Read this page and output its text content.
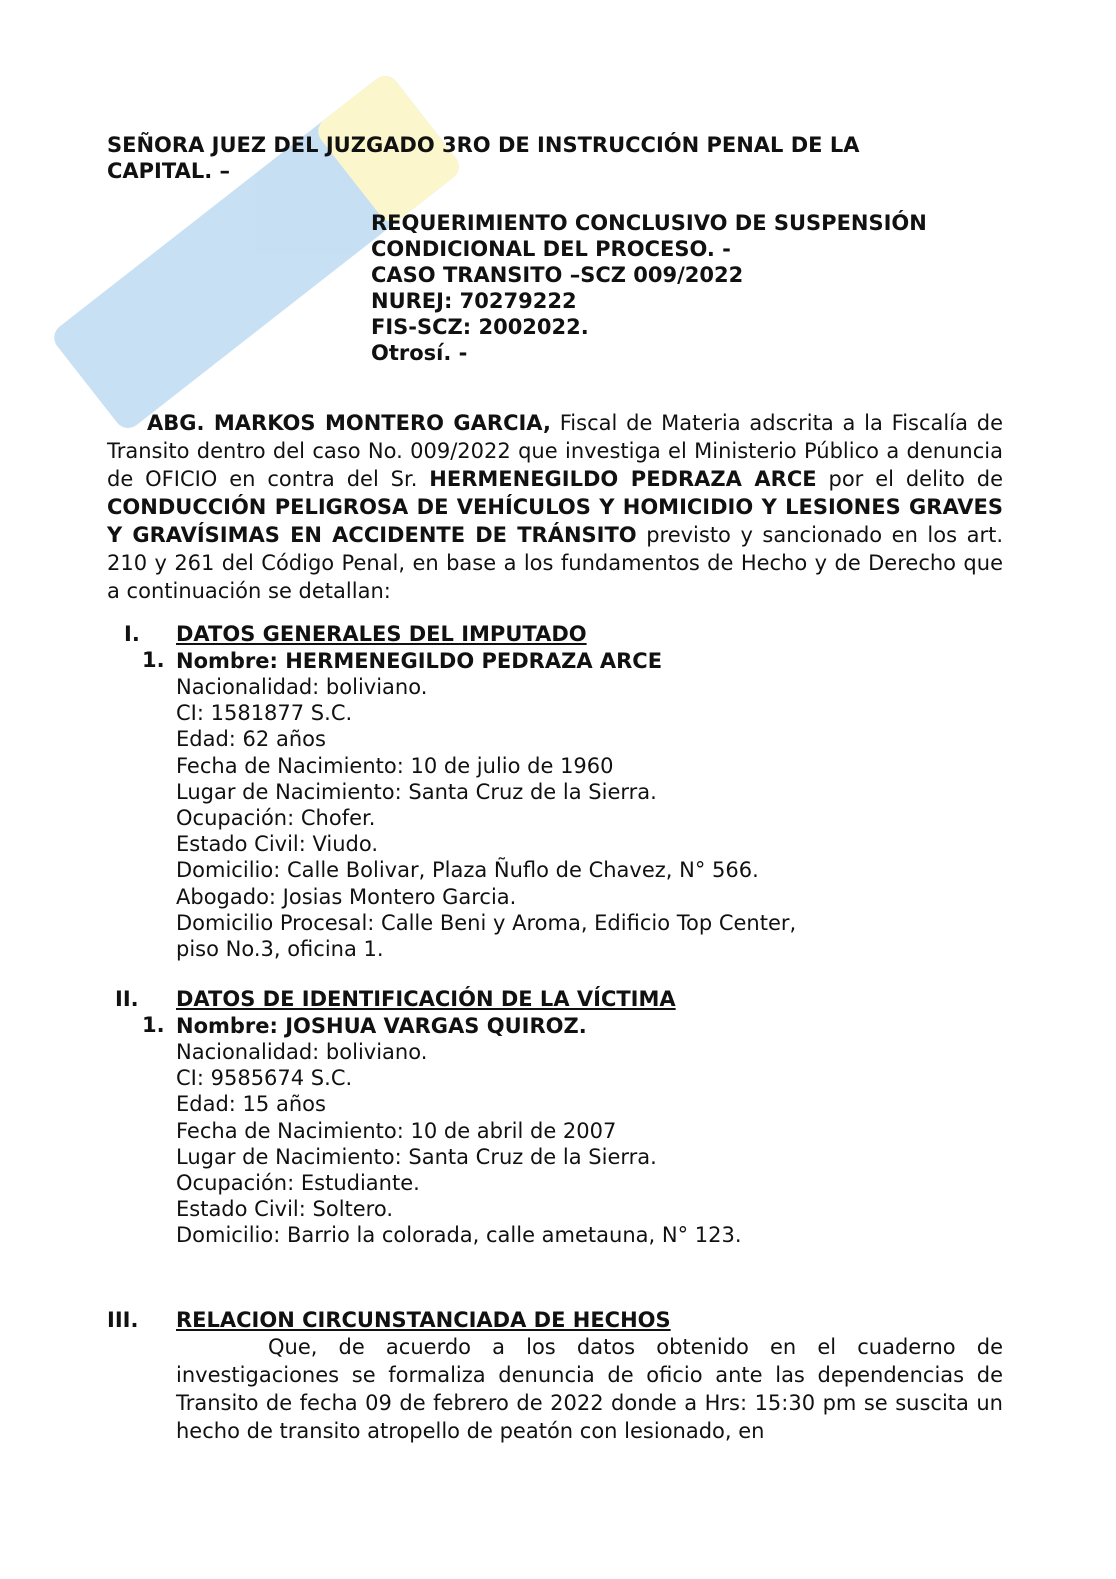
SEÑORA JUEZ DEL JUZGADO 3RO DE INSTRUCCIÓN PENAL DE LA
CAPITAL. –
REQUERIMIENTO CONCLUSIVO DE SUSPENSIÓN
CONDICIONAL DEL PROCESO. -
CASO TRANSITO –SCZ 009/2022
NUREJ: 70279222
FIS-SCZ: 2002022.
Otrosí. -

ABG. MARKOS MONTERO GARCIA, Fiscal de Materia adscrita a la Fiscalía de Transito dentro del caso No. 009/2022 que investiga el Ministerio Público a denuncia de OFICIO en contra del Sr. HERMENEGILDO PEDRAZA ARCE por el delito de CONDUCCIÓN PELIGROSA DE VEHÍCULOS Y HOMICIDIO Y LESIONES GRAVES Y GRAVÍSIMAS EN ACCIDENTE DE TRÁNSITO previsto y sancionado en los art. 210 y 261 del Código Penal, en base a los fundamentos de Hecho y de Derecho que a continuación se detallan:

I. DATOS GENERALES DEL IMPUTADO
1. Nombre: HERMENEGILDO PEDRAZA ARCE
Nacionalidad: boliviano.
CI: 1581877 S.C.
Edad: 62 años
Fecha de Nacimiento: 10 de julio de 1960
Lugar de Nacimiento: Santa Cruz de la Sierra.
Ocupación: Chofer.
Estado Civil: Viudo.
Domicilio: Calle Bolivar, Plaza Ñuflo de Chavez, N° 566.
Abogado: Josias Montero Garcia.
Domicilio Procesal: Calle Beni y Aroma, Edificio Top Center,
piso No.3, oficina 1.
II. DATOS DE IDENTIFICACIÓN DE LA VÍCTIMA
1. Nombre: JOSHUA VARGAS QUIROZ.
Nacionalidad: boliviano.
CI: 9585674 S.C.
Edad: 15 años
Fecha de Nacimiento: 10 de abril de 2007
Lugar de Nacimiento: Santa Cruz de la Sierra.
Ocupación: Estudiante.
Estado Civil: Soltero.
Domicilio: Barrio la colorada, calle ametauna, N° 123.
III. RELACION CIRCUNSTANCIADA DE HECHOS

Que, de acuerdo a los datos obtenido en el cuaderno de investigaciones se formaliza denuncia de oficio ante las dependencias de Transito de fecha 09 de febrero de 2022 donde a Hrs: 15:30 pm se suscita un hecho de transito atropello de peatón con lesionado, en
